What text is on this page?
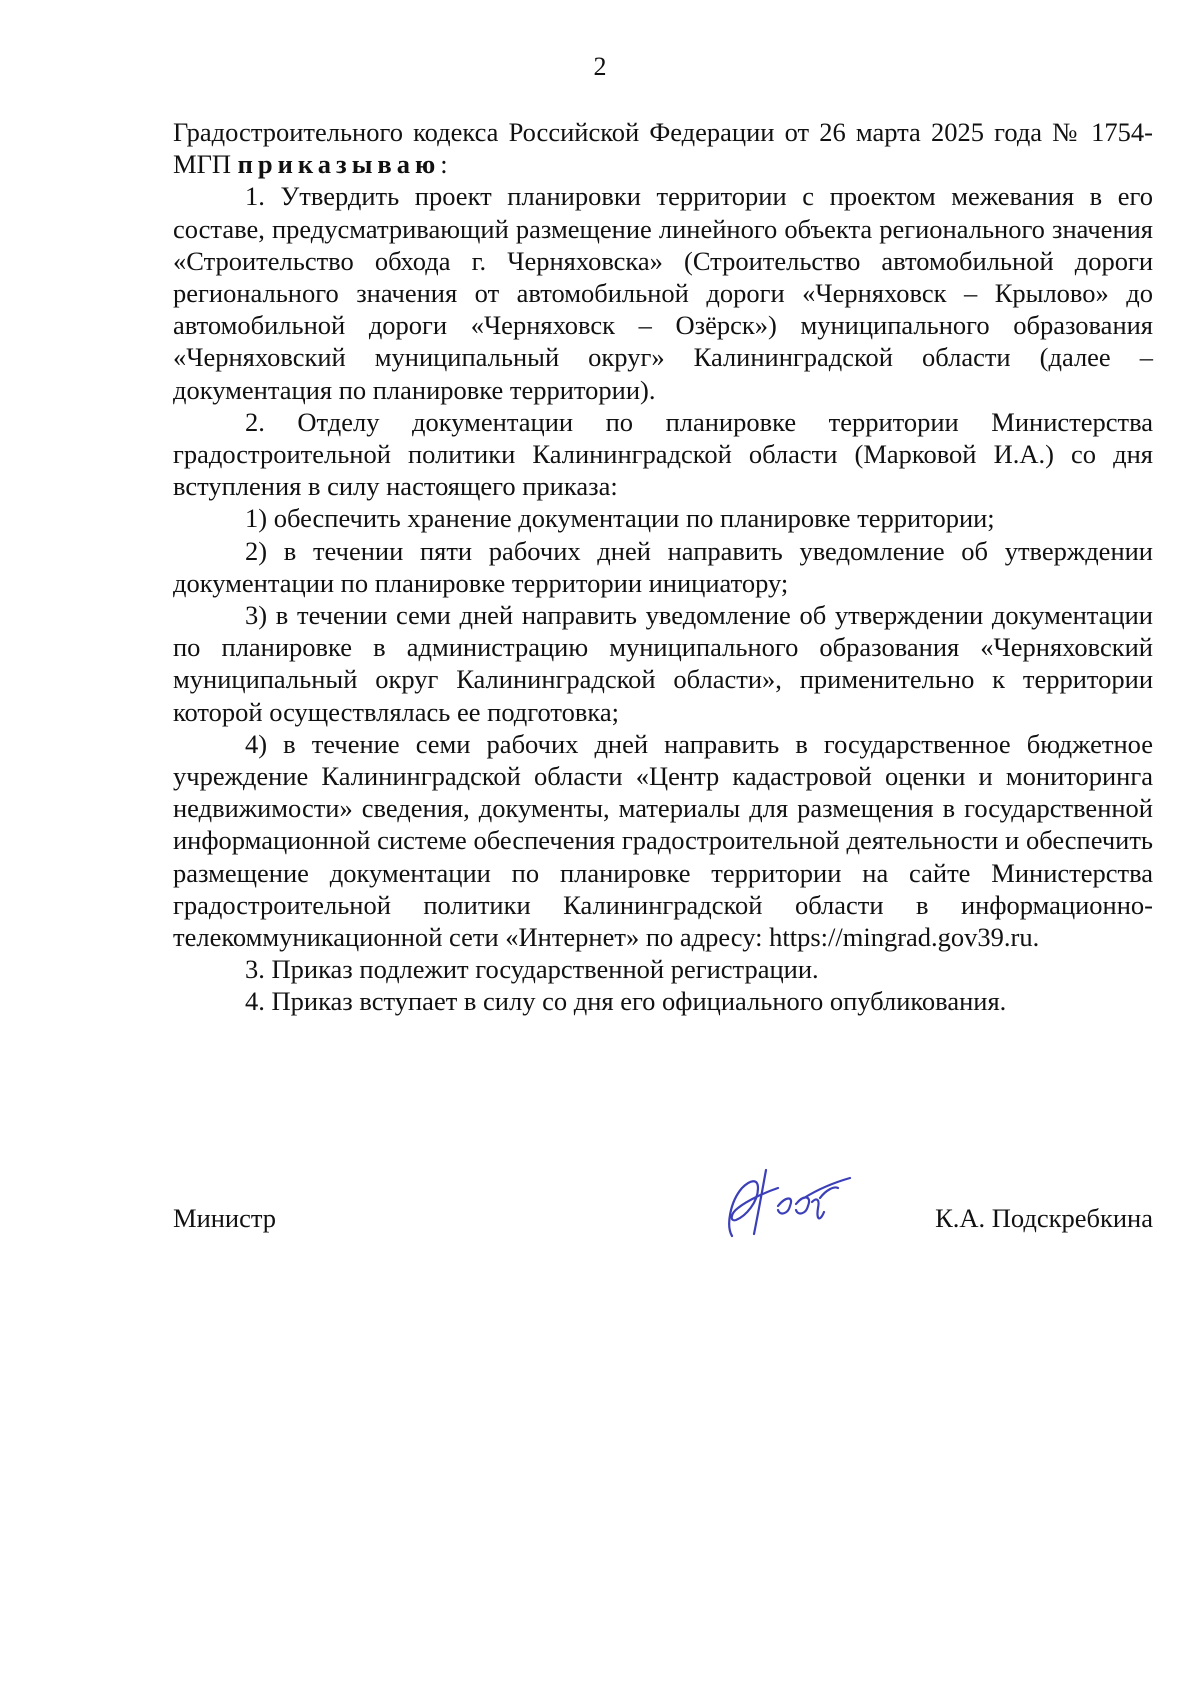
2

Градостроительного кодекса Российской Федерации от 26 марта 2025 года № 1754-МГП приказываю:

1. Утвердить проект планировки территории с проектом межевания в его составе, предусматривающий размещение линейного объекта регионального значения «Строительство обхода г. Черняховска» (Строительство автомобильной дороги регионального значения от автомобильной дороги «Черняховск – Крылово» до автомобильной дороги «Черняховск – Озёрск») муниципального образования «Черняховский муниципальный округ» Калининградской области (далее – документация по планировке территории).

2. Отделу документации по планировке территории Министерства градостроительной политики Калининградской области (Марковой И.А.) со дня вступления в силу настоящего приказа:

1) обеспечить хранение документации по планировке территории;

2) в течении пяти рабочих дней направить уведомление об утверждении документации по планировке территории инициатору;

3) в течении семи дней направить уведомление об утверждении документации по планировке в администрацию муниципального образования «Черняховский муниципальный округ Калининградской области», применительно к территории которой осуществлялась ее подготовка;

4) в течение семи рабочих дней направить в государственное бюджетное учреждение Калининградской области «Центр кадастровой оценки и мониторинга недвижимости» сведения, документы, материалы для размещения в государственной информационной системе обеспечения градостроительной деятельности и обеспечить размещение документации по планировке территории на сайте Министерства градостроительной политики Калининградской области в информационно-телекоммуникационной сети «Интернет» по адресу: https://mingrad.gov39.ru.

3. Приказ подлежит государственной регистрации.

4. Приказ вступает в силу со дня его официального опубликования.

Министр	К.А. Подскребкина
